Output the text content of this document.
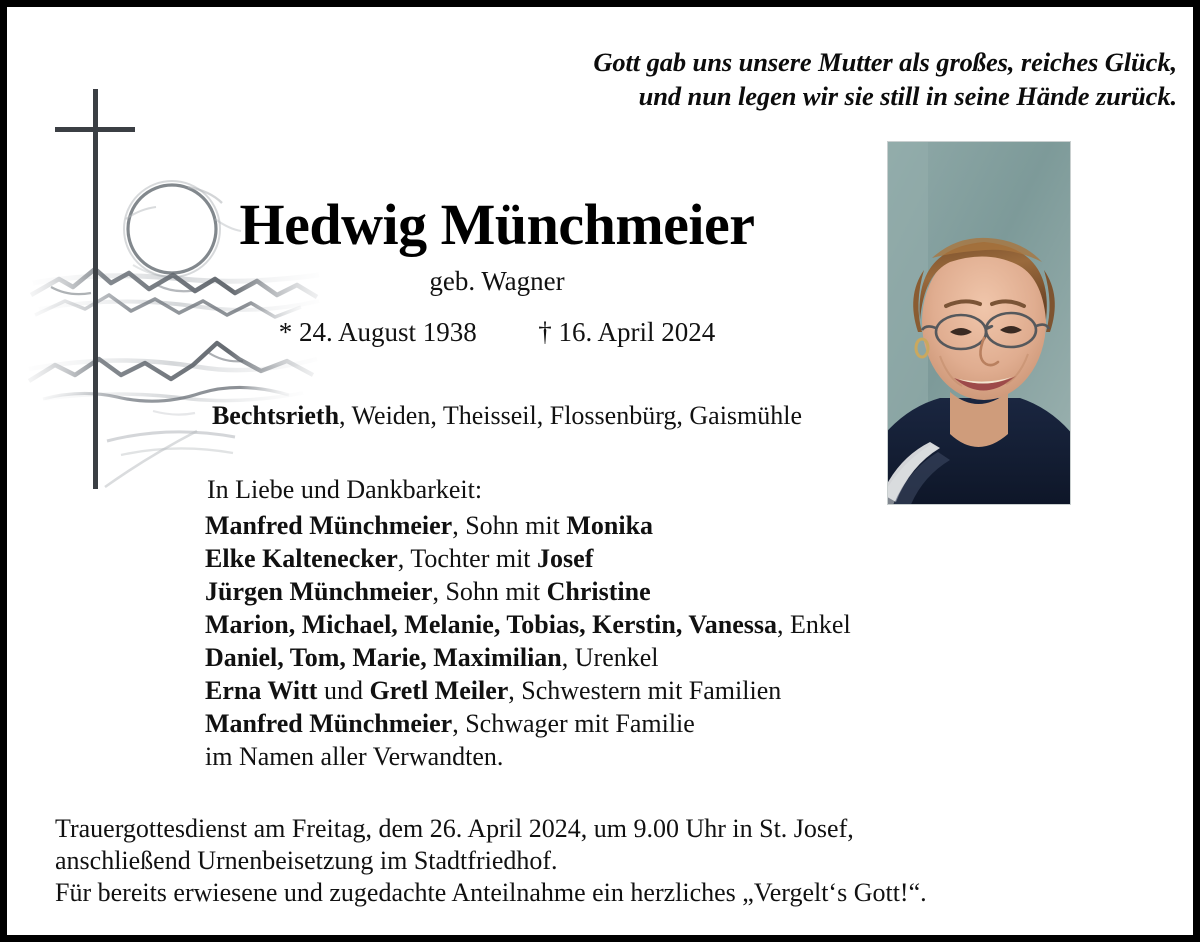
Gott gab uns unsere Mutter als großes, reiches Glück,
und nun legen wir sie still in seine Hände zurück.
Hedwig Münchmeier
geb. Wagner
* 24. August 1938 † 16. April 2024
Bechtsrieth, Weiden, Theisseil, Flossenbürg, Gaismühle
In Liebe und Dankbarkeit:
Manfred Münchmeier, Sohn mit Monika
Elke Kaltenecker, Tochter mit Josef
Jürgen Münchmeier, Sohn mit Christine
Marion, Michael, Melanie, Tobias, Kerstin, Vanessa, Enkel
Daniel, Tom, Marie, Maximilian, Urenkel
Erna Witt und Gretl Meiler, Schwestern mit Familien
Manfred Münchmeier, Schwager mit Familie
im Namen aller Verwandten.
Trauergottesdienst am Freitag, dem 26. April 2024, um 9.00 Uhr in St. Josef,
anschließend Urnenbeisetzung im Stadtfriedhof.
Für bereits erwiesene und zugedachte Anteilnahme ein herzliches „Vergelt‘s Gott!“.
